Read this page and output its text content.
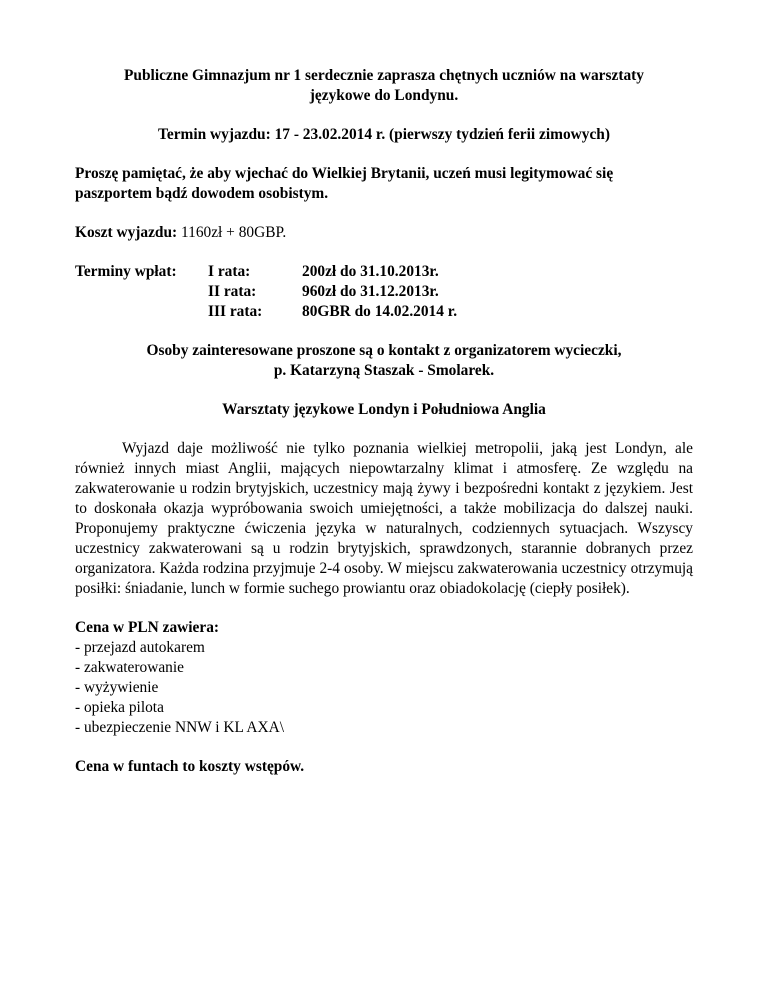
Publiczne Gimnazjum nr 1 serdecznie zaprasza chętnych uczniów na warsztaty

językowe do Londynu.

Termin wyjazdu: 17 - 23.02.2014 r. (pierwszy tydzień ferii zimowych)

Proszę pamiętać, że aby wjechać do Wielkiej Brytanii, uczeń musi legitymować się paszportem bądź dowodem osobistym.

Koszt wyjazdu: 1160zł + 80GBP.

Terminy wpłat:	I rata:	200zł do 31.10.2013r.
II rata:	960zł do 31.12.2013r.
III rata:	80GBR do 14.02.2014 r.

Osoby zainteresowane proszone są o kontakt z organizatorem wycieczki,

p. Katarzyną Staszak - Smolarek.

Warsztaty językowe Londyn i Południowa Anglia

Wyjazd daje możliwość nie tylko poznania wielkiej metropolii, jaką jest Londyn, ale również innych miast Anglii, mających niepowtarzalny klimat i atmosferę. Ze względu na zakwaterowanie u rodzin brytyjskich, uczestnicy mają żywy i bezpośredni kontakt z językiem. Jest to doskonała okazja wypróbowania swoich umiejętności, a także mobilizacja do dalszej nauki. Proponujemy praktyczne ćwiczenia języka w naturalnych, codziennych sytuacjach. Wszyscy uczestnicy zakwaterowani są u rodzin brytyjskich, sprawdzonych, starannie dobranych przez organizatora. Każda rodzina przyjmuje 2-4 osoby. W miejscu zakwaterowania uczestnicy otrzymują posiłki: śniadanie, lunch w formie suchego prowiantu oraz obiadokolację (ciepły posiłek).

Cena w PLN zawiera:

- przejazd autokarem
- zakwaterowanie
- wyżywienie
- opieka pilota
- ubezpieczenie NNW i KL AXA\

Cena w funtach to koszty wstępów.
